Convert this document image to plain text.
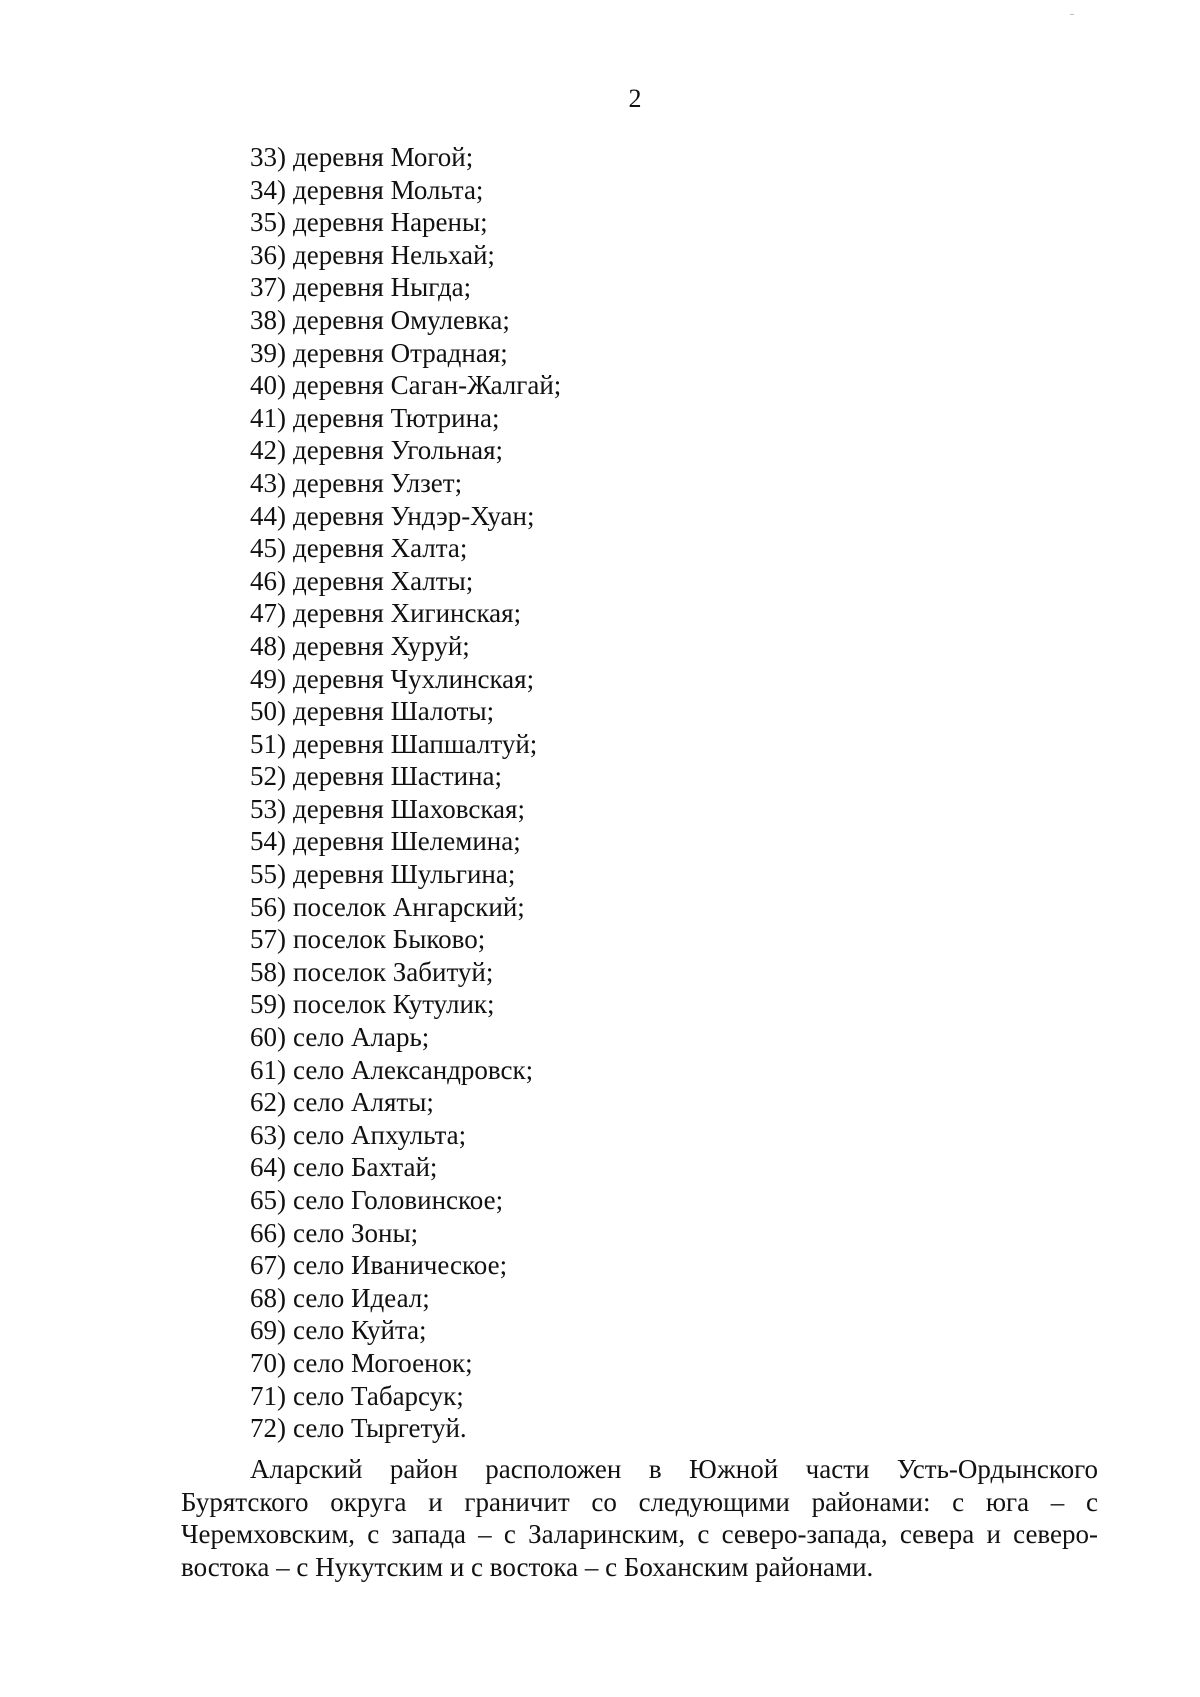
2
33) деревня Могой;
34) деревня Мольта;
35) деревня Нарены;
36) деревня Нельхай;
37) деревня Ныгда;
38) деревня Омулевка;
39) деревня Отрадная;
40) деревня Саган-Жалгай;
41) деревня Тютрина;
42) деревня Угольная;
43) деревня Улзет;
44) деревня Ундэр-Хуан;
45) деревня Халта;
46) деревня Халты;
47) деревня Хигинская;
48) деревня Хуруй;
49) деревня Чухлинская;
50) деревня Шалоты;
51) деревня Шапшалтуй;
52) деревня Шастина;
53) деревня Шаховская;
54) деревня Шелемина;
55) деревня Шульгина;
56) поселок Ангарский;
57) поселок Быково;
58) поселок Забитуй;
59) поселок Кутулик;
60) село Аларь;
61) село Александровск;
62) село Аляты;
63) село Апхульта;
64) село Бахтай;
65) село Головинское;
66) село Зоны;
67) село Иваническое;
68) село Идеал;
69) село Куйта;
70) село Могоенок;
71) село Табарсук;
72) село Тыргетуй.

Аларский район расположен в Южной части Усть-Ордынского Бурятского округа и граничит со следующими районами: с юга – с Черемховским, с запада – с Заларинским, с северо-запада, севера и северо-востока – с Нукутским и с востока – с Боханским районами.
